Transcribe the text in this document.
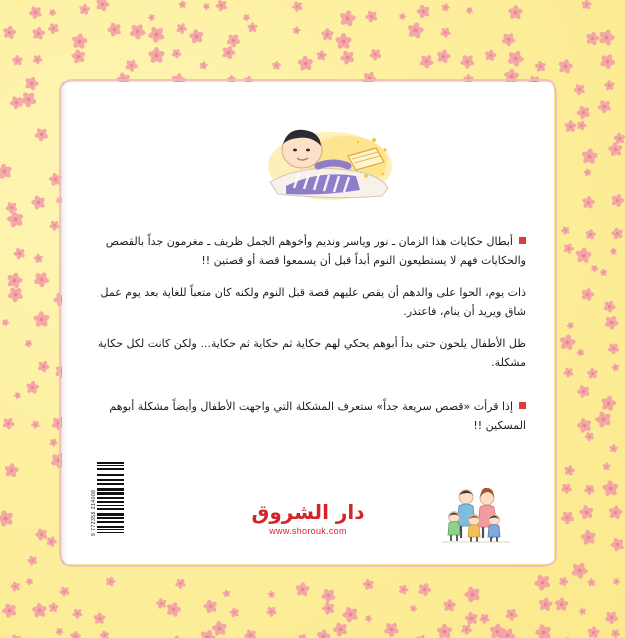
أبطال حكايات هذا الزمان ـ نور وياسر ونديم وأخوهم الجمل ظريف ـ مغرمون جداً بالقصص والحكايات فهم لا يستطيعون النوم أبداً قبل أن يسمعوا قصة أو قصتين !!

ذات يوم، الحوا على والدهم أن يقص عليهم قصة قبل النوم ولكنه كان متعباً للغاية بعد يوم عمل شاق ويريد أن ينام، فاعتذر.

ظل الأطفال يلحون حتى بدأ أبوهم يحكي لهم حكاية ثم حكاية ثم حكاية... ولكن كانت لكل حكاية مشكلة.

إذا قرأت «قصص سريعة جداً» ستعرف المشكلة التي واجهت الأطفال وأيضاً مشكلة أبوهم المسكين !!

دار الشروق
www.shorouk.com
9 772356 214008
